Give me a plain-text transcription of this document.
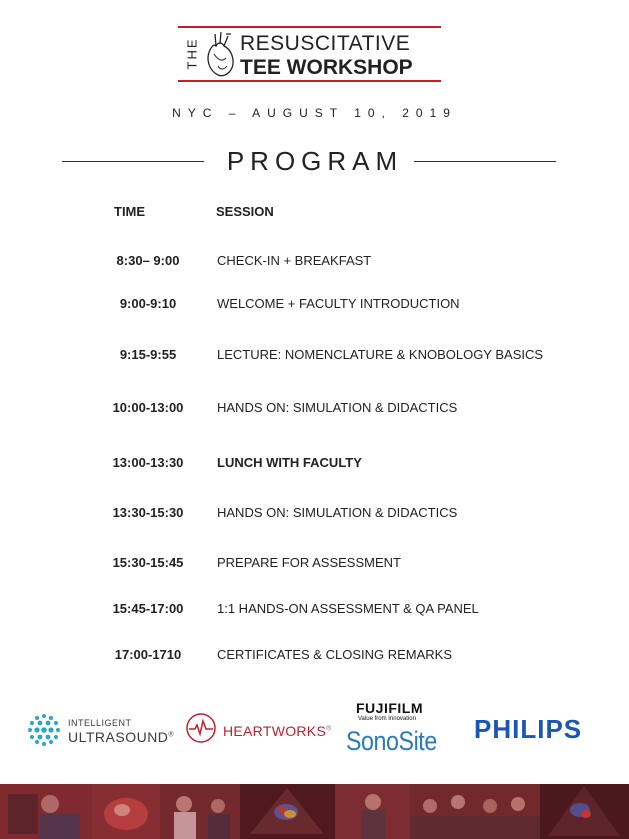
THE RESUSCITATIVE
TEE WORKSHOP
NYC – AUGUST 10, 2019
PROGRAM
TIME	SESSION
8:30– 9:00	CHECK-IN + BREAKFAST
9:00-9:10	WELCOME + FACULTY INTRODUCTION
9:15-9:55	LECTURE: NOMENCLATURE & KNOBOLOGY BASICS
10:00-13:00	HANDS ON: SIMULATION & DIDACTICS
13:00-13:30	LUNCH WITH FACULTY
13:30-15:30	HANDS ON: SIMULATION & DIDACTICS
15:30-15:45	PREPARE FOR ASSESSMENT
15:45-17:00	1:1 HANDS-ON ASSESSMENT & QA PANEL
17:00-1710	CERTIFICATES & CLOSING REMARKS
INTELLIGENT
ULTRASOUND®	HEARTWORKS®
FUJIFILM
Value from Innovation
SonoSite PHILIPS
